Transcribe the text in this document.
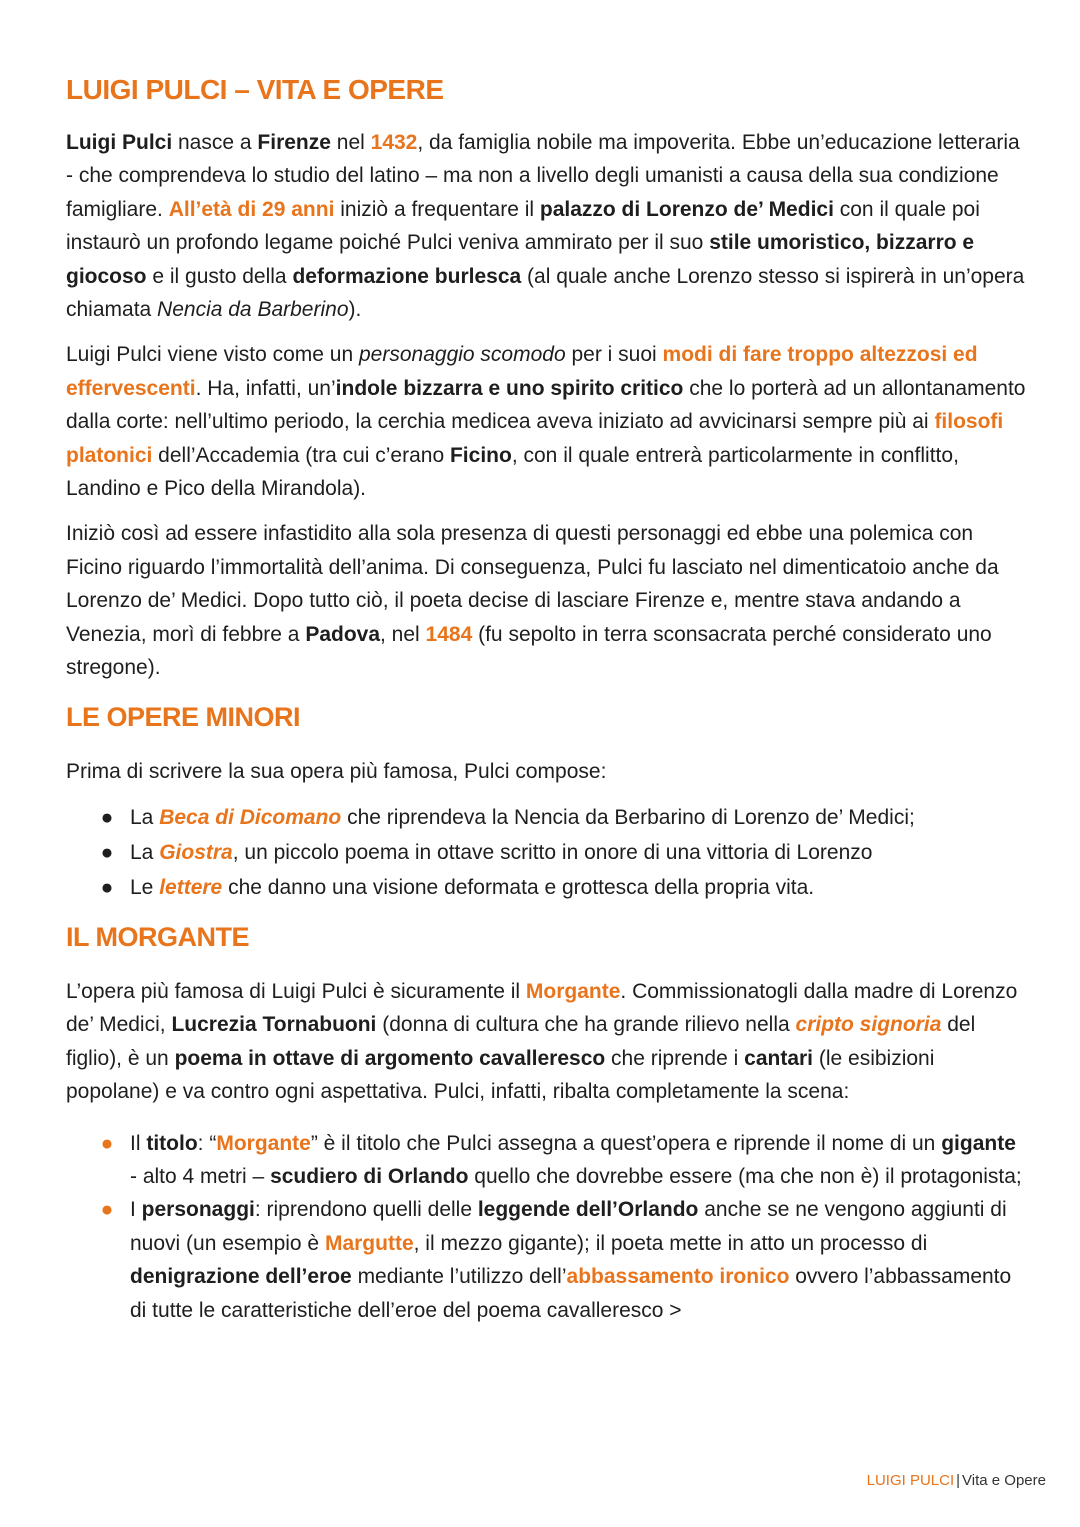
LUIGI PULCI – VITA E OPERE

Luigi Pulci nasce a Firenze nel 1432, da famiglia nobile ma impoverita. Ebbe un’educazione letteraria - che comprendeva lo studio del latino – ma non a livello degli umanisti a causa della sua condizione famigliare. All’età di 29 anni iniziò a frequentare il palazzo di Lorenzo de’ Medici con il quale poi instaurò un profondo legame poiché Pulci veniva ammirato per il suo stile umoristico, bizzarro e giocoso e il gusto della deformazione burlesca (al quale anche Lorenzo stesso si ispirerà in un’opera chiamata Nencia da Barberino).

Luigi Pulci viene visto come un personaggio scomodo per i suoi modi di fare troppo altezzosi ed effervescenti. Ha, infatti, un’indole bizzarra e uno spirito critico che lo porterà ad un allontanamento dalla corte: nell’ultimo periodo, la cerchia medicea aveva iniziato ad avvicinarsi sempre più ai filosofi platonici dell’Accademia (tra cui c’erano Ficino, con il quale entrerà particolarmente in conflitto, Landino e Pico della Mirandola).

Iniziò così ad essere infastidito alla sola presenza di questi personaggi ed ebbe una polemica con Ficino riguardo l’immortalità dell’anima. Di conseguenza, Pulci fu lasciato nel dimenticatoio anche da Lorenzo de’ Medici. Dopo tutto ciò, il poeta decise di lasciare Firenze e, mentre stava andando a Venezia, morì di febbre a Padova, nel 1484 (fu sepolto in terra sconsacrata perché considerato uno stregone).

LE OPERE MINORI

Prima di scrivere la sua opera più famosa, Pulci compose:

● La Beca di Dicomano che riprendeva la Nencia da Berbarino di Lorenzo de’ Medici;
● La Giostra, un piccolo poema in ottave scritto in onore di una vittoria di Lorenzo
● Le lettere che danno una visione deformata e grottesca della propria vita.
IL MORGANTE

L’opera più famosa di Luigi Pulci è sicuramente il Morgante. Commissionatogli dalla madre di Lorenzo de’ Medici, Lucrezia Tornabuoni (donna di cultura che ha grande rilievo nella cripto signoria del figlio), è un poema in ottave di argomento cavalleresco che riprende i cantari (le esibizioni popolane) e va contro ogni aspettativa. Pulci, infatti, ribalta completamente la scena:

● Il titolo: “Morgante” è il titolo che Pulci assegna a quest’opera e riprende il nome di un gigante - alto 4 metri – scudiero di Orlando quello che dovrebbe essere (ma che non è) il protagonista;
● I personaggi: riprendono quelli delle leggende dell’Orlando anche se ne vengono aggiunti di nuovi (un esempio è Margutte, il mezzo gigante); il poeta mette in atto un processo di denigrazione dell’eroe mediante l’utilizzo dell’abbassamento ironico ovvero l’abbassamento di tutte le caratteristiche dell’eroe del poema cavalleresco >
LUIGI PULCI | Vita e Opere
